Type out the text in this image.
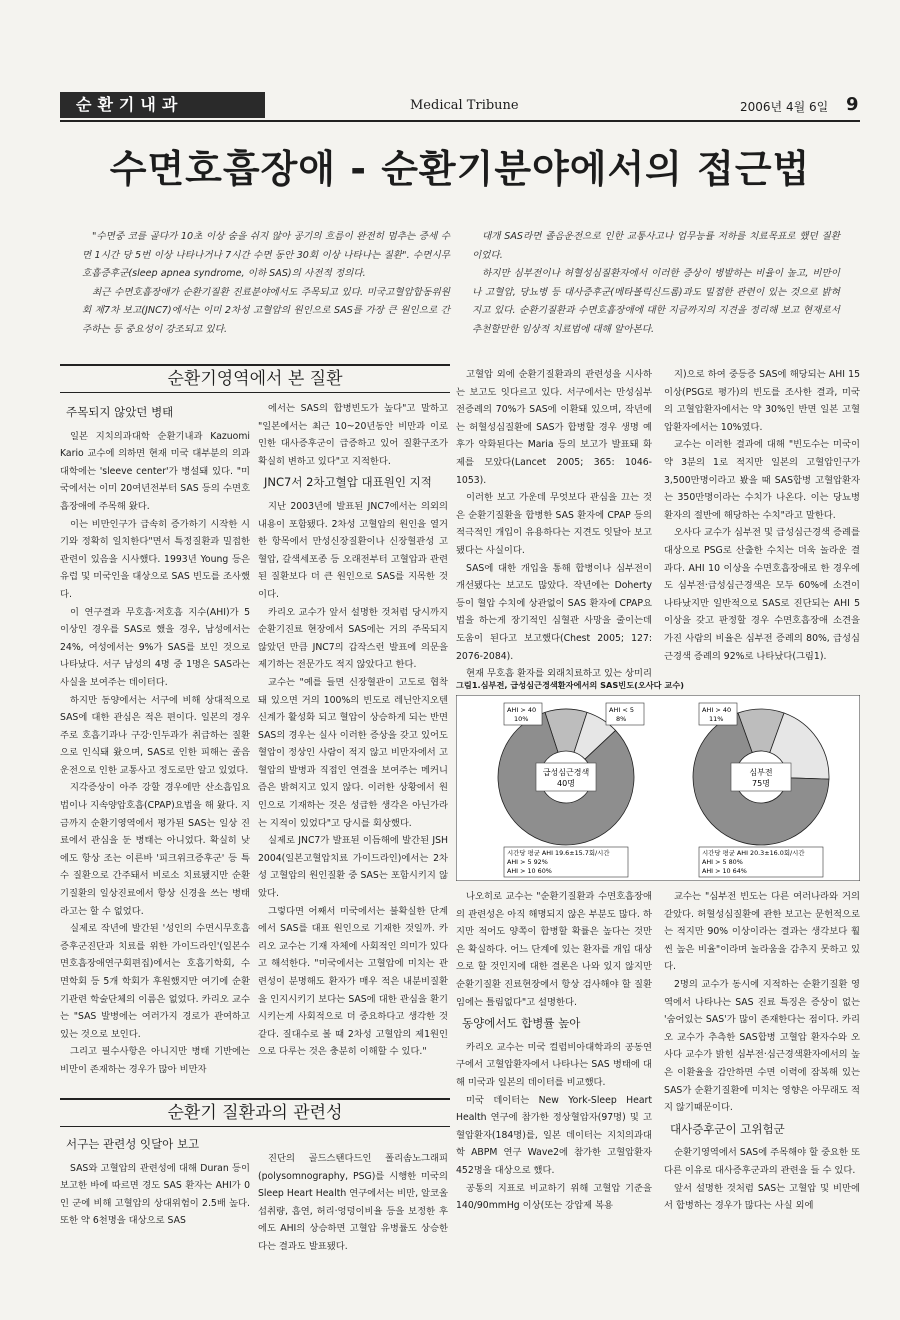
순환기내과	Medical Tribune	2006년 4월 6일 9
수면호흡장애 - 순환기분야에서의 접근법

"수면중 코를 골다가 10초 이상 숨을 쉬지 않아 공기의 흐름이 완전히 멈추는 증세 수면 1시간 당 5번 이상 나타나거나 7시간 수면 동안 30회 이상 나타나는 질환". 수면시무호흡증후군(sleep apnea syndrome, 이하 SAS)의 사전적 정의다.

최근 수면호흡장애가 순환기질환 진료분야에서도 주목되고 있다. 미국고혈압합동위원회 제7차 보고(JNC7)에서는 이미 2차성 고혈압의 원인으로 SAS를 가장 큰 원인으로 간주하는 등 중요성이 강조되고 있다.

대개 SAS라면 졸음운전으로 인한 교통사고나 업무능률 저하를 치료목표로 했던 질환이었다.

하지만 심부전이나 허혈성심질환자에서 이러한 증상이 병발하는 비율이 높고, 비만이나 고혈압, 당뇨병 등 대사증후군(메타볼릭신드롬)과도 밀접한 관련이 있는 것으로 밝혀지고 있다. 순환기질환과 수면호흡장애에 대한 지금까지의 지견을 정리해 보고 현재로서 추천할만한 임상적 치료법에 대해 알아본다.

순환기영역에서 본 질환
주목되지 않았던 병태

일본 지치의과대학 순환기내과 Kazuomi Kario 교수에 의하면 현재 미국 대부분의 의과대학에는 'sleeve center'가 병설돼 있다. "미국에서는 이미 20여년전부터 SAS 등의 수면호흡장애에 주목해 왔다.

이는 비만인구가 급속히 증가하기 시작한 시기와 정확히 일치한다"면서 특정질환과 밀접한 관련이 있음을 시사했다. 1993년 Young 등은 유럽 및 미국인을 대상으로 SAS 빈도를 조사했다.

이 연구결과 무호흡·저호흡 지수(AHI)가 5 이상인 경우를 SAS로 했을 경우, 남성에서는 24%, 여성에서는 9%가 SAS를 보인 것으로 나타났다. 서구 남성의 4명 중 1명은 SAS라는 사실을 보여주는 데이터다.

하지만 동양에서는 서구에 비해 상대적으로 SAS에 대한 관심은 적은 편이다. 일본의 경우 주로 호흡기과나 구강·인두과가 취급하는 질환으로 인식돼 왔으며, SAS로 인한 피해는 졸음운전으로 인한 교통사고 정도로만 알고 있었다.

지각증상이 아주 강할 경우에만 산소흡입요법이나 지속양압호흡(CPAP)요법을 해 왔다. 지금까지 순환기영역에서 평가된 SAS는 일상 진료에서 관심을 둔 병태는 아니었다. 확실히 낮에도 항상 조는 이른바 '피크위크증후군' 등 특수 질환으로 간주돼서 비로소 치료됐지만 순환기질환의 일상진료에서 항상 신경을 쓰는 병태라고는 할 수 없었다.

실제로 작년에 발간된 '성인의 수면시무호흡증후군진단과 치료를 위한 가이드라인'(일본수면호흡장애연구회편집)에서는 호흡기학회, 수면학회 등 5개 학회가 후원했지만 여기에 순환기관련 학술단체의 이름은 없었다. 카리오 교수는 "SAS 발병에는 여러가지 경로가 관여하고 있는 것으로 보인다.

그리고 필수사항은 아니지만 병태 기반에는 비만이 존재하는 경우가 많아 비만자

에서는 SAS의 합병빈도가 높다"고 말하고 "일본에서는 최근 10~20년동안 비만과 이로 인한 대사증후군이 급증하고 있어 질환구조가 확실히 변하고 있다"고 지적한다.

JNC7서 2차고혈압 대표원인 지적

지난 2003년에 발표된 JNC7에서는 의외의 내용이 포함됐다. 2차성 고혈압의 원인을 열거한 항목에서 만성신장질환이나 신장혈관성 고혈압, 갈색세포종 등 오래전부터 고혈압과 관련된 질환보다 더 큰 원인으로 SAS를 지목한 것이다.

카리오 교수가 앞서 설명한 것처럼 당시까지 순환기진료 현장에서 SAS에는 거의 주목되지 않았던 만큼 JNC7의 갑작스런 발표에 의문을 제기하는 전문가도 적지 않았다고 한다.

교수는 "예를 들면 신장혈관이 고도로 협착돼 있으면 거의 100%의 빈도로 레닌안지오텐신계가 활성화 되고 혈압이 상승하게 되는 반면 SAS의 경우는 실사 이러한 증상을 갖고 있어도 혈압이 정상인 사람이 적지 않고 비만자에서 고혈압의 발병과 직접인 연결을 보여주는 메커니즘은 밝혀지고 있지 않다. 이러한 상황에서 원인으로 기재하는 것은 성급한 생각은 아닌가라는 지적이 있었다"고 당시를 회상했다.

실제로 JNC7가 발표된 이듬해에 발간된 JSH 2004(일본고혈압치료 가이드라인)에서는 2차성 고혈압의 원인질환 중 SAS는 포함시키지 않았다.

그렇다면 어째서 미국에서는 불확실한 단계에서 SAS를 대표 원인으로 기재한 것일까. 카리오 교수는 기재 자체에 사회적인 의미가 있다고 해석한다. "미국에서는 고혈압에 미치는 관련성이 분명해도 환자가 매우 적은 내분비질환을 인지시키기 보다는 SAS에 대한 관심을 환기시키는게 사회적으로 더 중요하다고 생각한 것같다. 질대수로 볼 때 2차성 고혈압의 제1원인으로 다루는 것은 충분히 이해할 수 있다."

고혈압 외에 순환기질환과의 관련성을 시사하는 보고도 잇다르고 있다. 서구에서는 만성심부전증례의 70%가 SAS에 이환돼 있으며, 작년에는 허혈성심질환에 SAS가 합병할 경우 생명 예후가 악화된다는 Maria 등의 보고가 발표돼 화제를 모았다(Lancet 2005; 365: 1046-1053).

이러한 보고 가운데 무엇보다 관심을 끄는 것은 순환기질환을 합병한 SAS 환자에 CPAP 등의 적극적인 개입이 유용하다는 지견도 잇달아 보고됐다는 사실이다.

SAS에 대한 개입을 통해 합병이나 심부전이 개선됐다는 보고도 많았다. 작년에는 Doherty 등이 혈압 수치에 상관없이 SAS 환자에 CPAP요법을 하는게 장기적인 심혈관 사망을 줄이는데 도움이 된다고 보고했다(Chest 2005; 127: 2076-2084).

현재 무호흡 환자를 외래치료하고 있는 상미리

지)으로 하여 중등증 SAS에 해당되는 AHI 15 이상(PSG로 평가)의 빈도를 조사한 결과, 미국의 고혈압환자에서는 약 30%인 반면 일본 고혈압환자에서는 10%였다.

교수는 이러한 결과에 대해 "빈도수는 미국이 약 3분의 1로 적지만 일본의 고혈압인구가 3,500만명이라고 봤을 때 SAS합병 고혈압환자는 350만명이라는 수치가 나온다. 이는 당뇨병환자의 절반에 해당하는 수치"라고 말한다.

오사다 교수가 심부전 및 급성심근경색 증례를 대상으로 PSG로 산출한 수치는 더욱 놀라운 결과다. AHI 10 이상을 수면호흡장애로 한 경우에도 심부전·급성심근경색은 모두 60%에 소견이 나타났지만 일반적으로 SAS로 진단되는 AHI 5 이상을 갖고 판정할 경우 수면호흡장애 소견을 가진 사람의 비율은 심부전 증례의 80%, 급성심근경색 증례의 92%로 나타났다(그림1).

그림1.심부전, 급성심근경색환자에서의 SAS빈도(오사다 교수)
급성심근경색
40명
AHI > 40
10%
AHI < 5
8%
시간당 평균 AHI 19.6±15.7회/시간
AHI > 5 92%
AHI > 10 60%
심부전
75명
AHI > 40
11%
시간당 평균 AHI 20.3±16.0회/시간
AHI > 5 80%
AHI > 10 64%

나오히로 교수는 "순환기질환과 수면호흡장애의 관련성은 아직 해명되지 않은 부분도 많다. 하지만 적어도 양쪽이 합병할 확률은 높다는 것만은 확실하다. 어느 단계에 있는 환자를 개입 대상으로 할 것인지에 대한 결론은 나와 있지 않지만 순환기질환 진료현장에서 항상 검사해야 할 질환임에는 틀림없다"고 설명한다.

동양에서도 합병률 높아

카리오 교수는 미국 컬럼비아대학과의 공동연구에서 고혈압환자에서 나타나는 SAS 병태에 대해 미국과 일본의 데이터를 비교했다.

미국 데이터는 New York-Sleep Heart Health 연구에 참가한 정상혈압자(97명) 및 고혈압환자(184명)를, 일본 데이터는 지치의과대학 ABPM 연구 Wave2에 참가한 고혈압환자 452명을 대상으로 했다.

공통의 지표로 비교하기 위해 고혈압 기준을 140/90mmHg 이상(또는 강압제 복용

교수는 "심부전 빈도는 다른 여러나라와 거의 같았다. 허혈성심질환에 관한 보고는 문헌적으로는 적지만 90% 이상이라는 결과는 생각보다 훨씬 높은 비율"이라며 놀라움을 감추지 못하고 있다.

2명의 교수가 동시에 지적하는 순환기질환 영역에서 나타나는 SAS 진료 특징은 증상이 없는 '숨어있는 SAS'가 많이 존재한다는 점이다. 카리오 교수가 추측한 SAS합병 고혈압 환자수와 오사다 교수가 밝힌 심부전·심근경색환자에서의 높은 이환율을 감안하면 수면 이력에 잠복해 있는 SAS가 순환기질환에 미치는 영향은 아무래도 적지 않기때문이다.

대사증후군이 고위험군

순환기영역에서 SAS에 주목해야 할 중요한 또다른 이유로 대사증후군과의 관련을 들 수 있다.

앞서 설명한 것처럼 SAS는 고혈압 및 비만에서 합병하는 경우가 많다는 사실 외에

순환기 질환과의 관련성
서구는 관련성 잇달아 보고

SAS와 고혈압의 관련성에 대해 Duran 등이 보고한 바에 따르면 경도 SAS 환자는 AHI가 0인 군에 비해 고혈압의 상대위험이 2.5배 높다. 또한 약 6천명을 대상으로 SAS

진단의 골드스탠다드인 폴리솜노그래피(polysomnography, PSG)를 시행한 미국의 Sleep Heart Health 연구에서는 비만, 알코올 섭취량, 흡연, 허리·엉덩이비율 등을 보정한 후에도 AHI의 상승하면 고혈압 유병률도 상승한다는 결과도 발표됐다.
